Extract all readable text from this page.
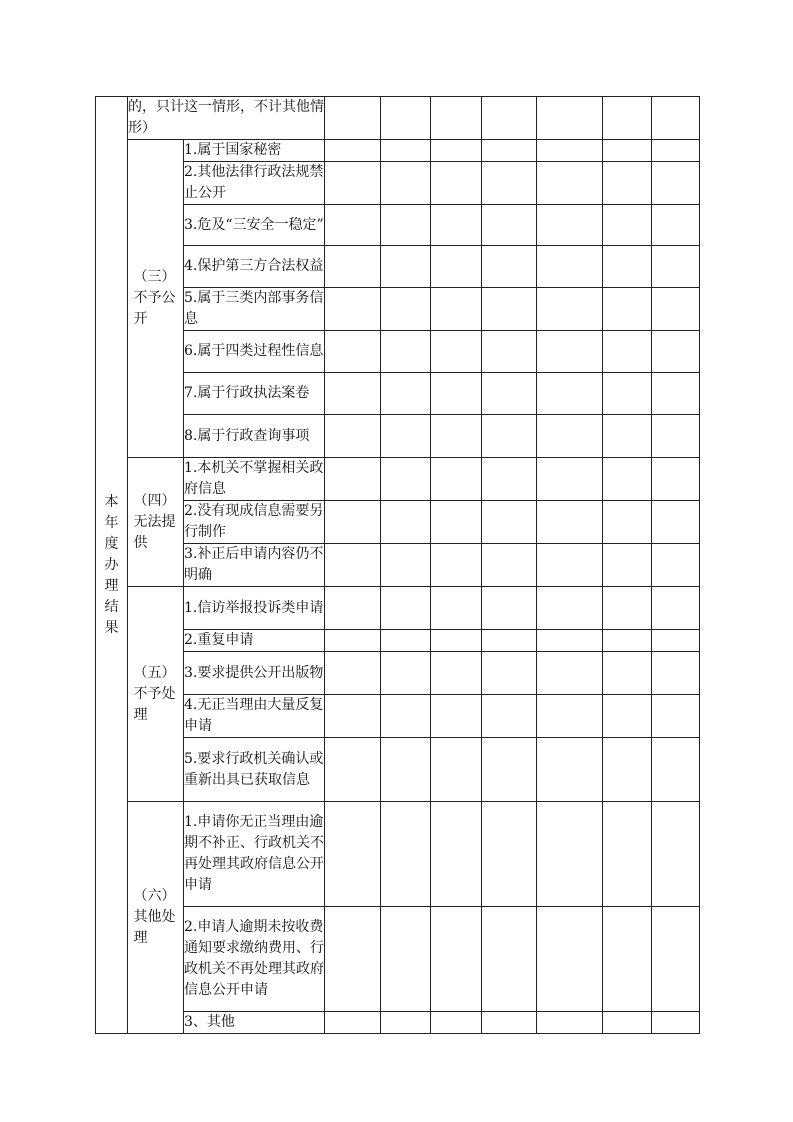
本年度办理结果	的，只计这一情形，不计其他情形）								
	（三）不予公开	1.属于国家秘密							
		2.其他法律行政法规禁止公开							
		3.危及“三安全一稳定”							
		4.保护第三方合法权益							
		5.属于三类内部事务信息							
		6.属于四类过程性信息							
		7.属于行政执法案卷							
		8.属于行政查询事项							
	（四）无法提供	1.本机关不掌握相关政府信息							
		2.没有现成信息需要另行制作							
		3.补正后申请内容仍不明确							
	（五）不予处理	1.信访举报投诉类申请							
		2.重复申请							
		3.要求提供公开出版物							
		4.无正当理由大量反复申请							
		5.要求行政机关确认或重新出具已获取信息							
	（六）其他处理	1.申请你无正当理由逾期不补正、行政机关不再处理其政府信息公开申请							
		2.申请人逾期未按收费通知要求缴纳费用、行政机关不再处理其政府信息公开申请							
		3、其他							
